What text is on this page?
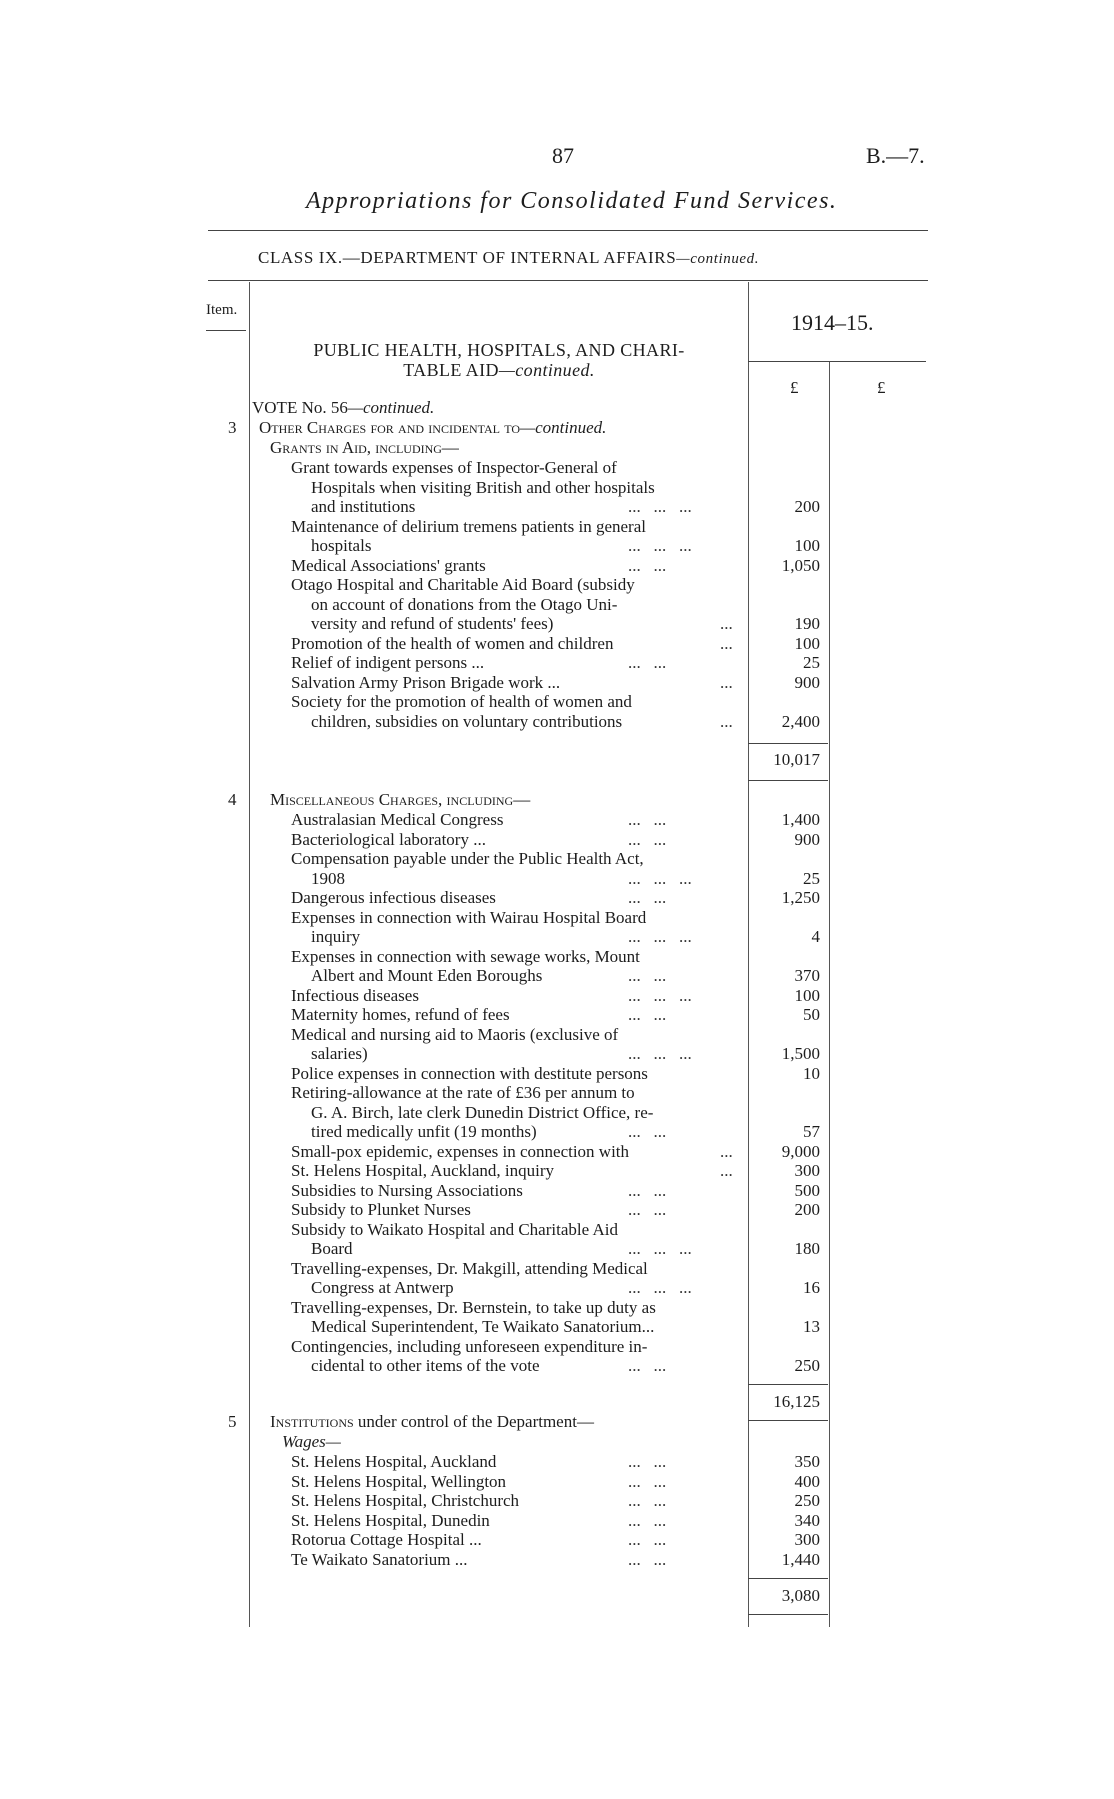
87	B.—7.
Appropriations for Consolidated Fund Services.
CLASS IX.—DEPARTMENT OF INTERNAL AFFAIRS—continued.
Item.	1914–15.
£	£
PUBLIC HEALTH, HOSPITALS, AND CHARI-
TABLE AID—continued.
VOTE No. 56—continued.
3 Other Charges for and incidental to—continued.
Grants in Aid, including—
Grant towards expenses of Inspector-General of
Hospitals when visiting British and other hospitals
and institutions	...   ...   ...	200
Maintenance of delirium tremens patients in general
hospitals	...   ...   ...	100
Medical Associations' grants	...   ...	1,050
Otago Hospital and Charitable Aid Board (subsidy
on account of donations from the Otago Uni-
versity and refund of students' fees)	...	190
Promotion of the health of women and children	...	100
Relief of indigent persons ...	...   ...	25
Salvation Army Prison Brigade work ...	...	900
Society for the promotion of health of women and
children, subsidies on voluntary contributions	...	2,400
10,017
4 Miscellaneous Charges, including—
Australasian Medical Congress	...   ...	1,400
Bacteriological laboratory ...	...   ...	900
Compensation payable under the Public Health Act,
1908	...   ...   ...	25
Dangerous infectious diseases	...   ...	1,250
Expenses in connection with Wairau Hospital Board
inquiry	...   ...   ...	4
Expenses in connection with sewage works, Mount
Albert and Mount Eden Boroughs	...   ...	370
Infectious diseases	...   ...   ...	100
Maternity homes, refund of fees	...   ...	50
Medical and nursing aid to Maoris (exclusive of
salaries)	...   ...   ...	1,500
Police expenses in connection with destitute persons	10
Retiring-allowance at the rate of £36 per annum to
G. A. Birch, late clerk Dunedin District Office, re-
tired medically unfit (19 months)	...   ...	57
Small-pox epidemic, expenses in connection with	...	9,000
St. Helens Hospital, Auckland, inquiry	...	300
Subsidies to Nursing Associations	...   ...	500
Subsidy to Plunket Nurses	...   ...	200
Subsidy to Waikato Hospital and Charitable Aid
Board	...   ...   ...	180
Travelling-expenses, Dr. Makgill, attending Medical
Congress at Antwerp	...   ...   ...	16
Travelling-expenses, Dr. Bernstein, to take up duty as
Medical Superintendent, Te Waikato Sanatorium...	13
Contingencies, including unforeseen expenditure in-
cidental to other items of the vote	...   ...	250
16,125
5 Institutions under control of the Department—
Wages—
St. Helens Hospital, Auckland	...   ...	350
St. Helens Hospital, Wellington	...   ...	400
St. Helens Hospital, Christchurch	...   ...	250
St. Helens Hospital, Dunedin	...   ...	340
Rotorua Cottage Hospital ...	...   ...	300
Te Waikato Sanatorium ...	...   ...	1,440
3,080
